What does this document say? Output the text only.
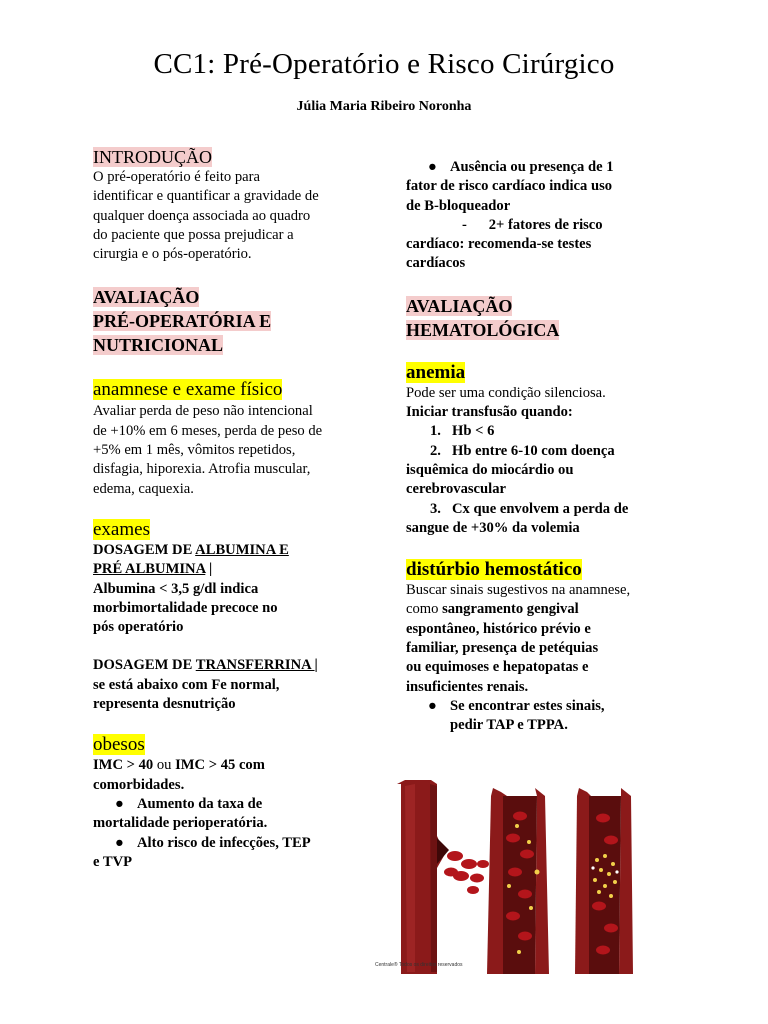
CC1: Pré-Operatório e Risco Cirúrgico
Júlia Maria Ribeiro Noronha
INTRODUÇÃO
O pré-operatório é feito para
identificar e quantificar a gravidade de
qualquer doença associada ao quadro
do paciente que possa prejudicar a
cirurgia e o pós-operatório.
AVALIAÇÃO
PRÉ-OPERATÓRIA E
NUTRICIONAL
anamnese e exame físico
Avaliar perda de peso não intencional
de +10% em 6 meses, perda de peso de
+5% em 1 mês, vômitos repetidos,
disfagia, hiporexia. Atrofia muscular,
edema, caquexia.
exames
DOSAGEM DE ALBUMINA E
PRÉ ALBUMINA |
Albumina < 3,5 g/dl indica
morbimortalidade precoce no
pós operatório
DOSAGEM DE TRANSFERRINA |
se está abaixo com Fe normal,
representa desnutrição
obesos
IMC > 40 ou IMC > 45 com
comorbidades.
● Aumento da taxa de
mortalidade perioperatória.
● Alto risco de infecções, TEP
e TVP
● Ausência ou presença de 1
fator de risco cardíaco indica uso
de B-bloqueador
-      2+ fatores de risco
cardíaco: recomenda-se testes
cardíacos
AVALIAÇÃO
HEMATOLÓGICA
anemia
Pode ser uma condição silenciosa.
Iniciar transfusão quando:
1. Hb < 6
2. Hb entre 6-10 com doença
isquêmica do miocárdio ou
cerebrovascular
3. Cx que envolvem a perda de
sangue de +30% da volemia
distúrbio hemostático
Buscar sinais sugestivos na anamnese,
como sangramento gengival
espontâneo, histórico prévio e
familiar, presença de petéquias
ou equimoses e hepatopatas e
insuficientes renais.
● Se encontrar estes sinais,
pedir TAP e TPPA.
Centrale® Todos os direitos reservados
